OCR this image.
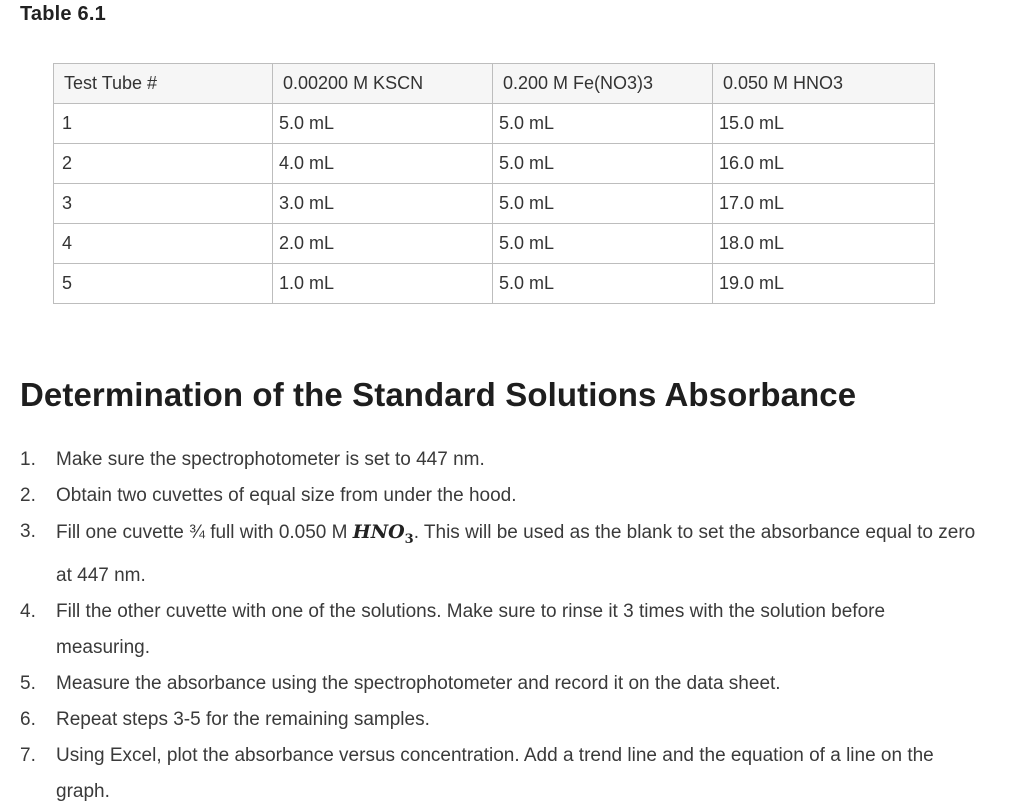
Table 6.1
Test Tube #	0.00200 M KSCN	0.200 M Fe(NO3)3	0.050 M HNO3
1	5.0 mL	5.0 mL	15.0 mL
2	4.0 mL	5.0 mL	16.0 mL
3	3.0 mL	5.0 mL	17.0 mL
4	2.0 mL	5.0 mL	18.0 mL
5	1.0 mL	5.0 mL	19.0 mL
Determination of the Standard Solutions Absorbance
1. Make sure the spectrophotometer is set to 447 nm.
2. Obtain two cuvettes of equal size from under the hood.
3. Fill one cuvette ¾ full with 0.050 M $HNO_3$. This will be used as the blank to set the absorbance equal to zero at 447 nm.
4. Fill the other cuvette with one of the solutions. Make sure to rinse it 3 times with the solution before measuring.
5. Measure the absorbance using the spectrophotometer and record it on the data sheet.
6. Repeat steps 3-5 for the remaining samples.
7. Using Excel, plot the absorbance versus concentration. Add a trend line and the equation of a line on the graph.
